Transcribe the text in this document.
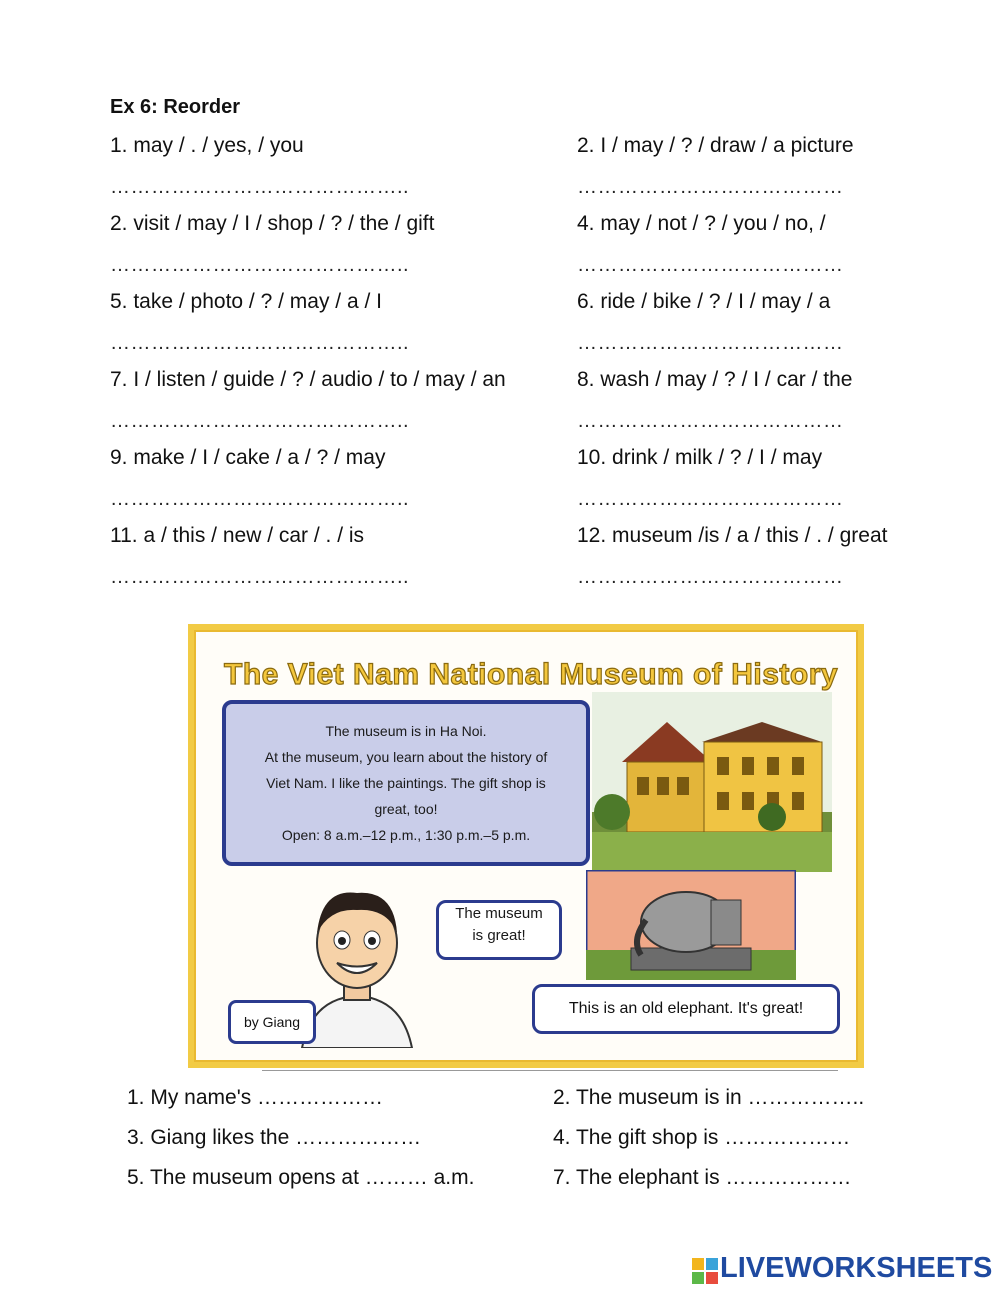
Ex 6: Reorder
1. may / . / yes, / you	2. I / may / ? / draw / a picture
……………………………………..	…………………………………
2. visit / may / I / shop / ? / the / gift	4. may / not / ? / you / no, /
……………………………………..	…………………………………
5. take / photo / ? / may / a / I	6. ride / bike / ? / I / may / a
……………………………………..	…………………………………
7. I / listen / guide / ? / audio / to / may / an	8. wash / may / ? / I / car / the
……………………………………..	…………………………………
9. make / I / cake / a / ? / may	10. drink / milk / ? / I / may
……………………………………..	…………………………………
11. a / this / new / car / . / is	12. museum /is / a / this / . / great
……………………………………..	…………………………………
The Viet Nam National Museum of History

The museum is in Ha Noi.

At the museum, you learn about the history of

Viet Nam. I like the paintings. The gift shop is

great, too!

Open: 8 a.m.–12 p.m., 1:30 p.m.–5 p.m.

The museum
is great!
by Giang
This is an old elephant. It's great!
1. My name's ………………	2. The museum is in ……………..
3. Giang likes the ………………	4. The gift shop is ………………
5. The museum opens at ……… a.m.	7. The elephant is ………………
LIVEWORKSHEETS
